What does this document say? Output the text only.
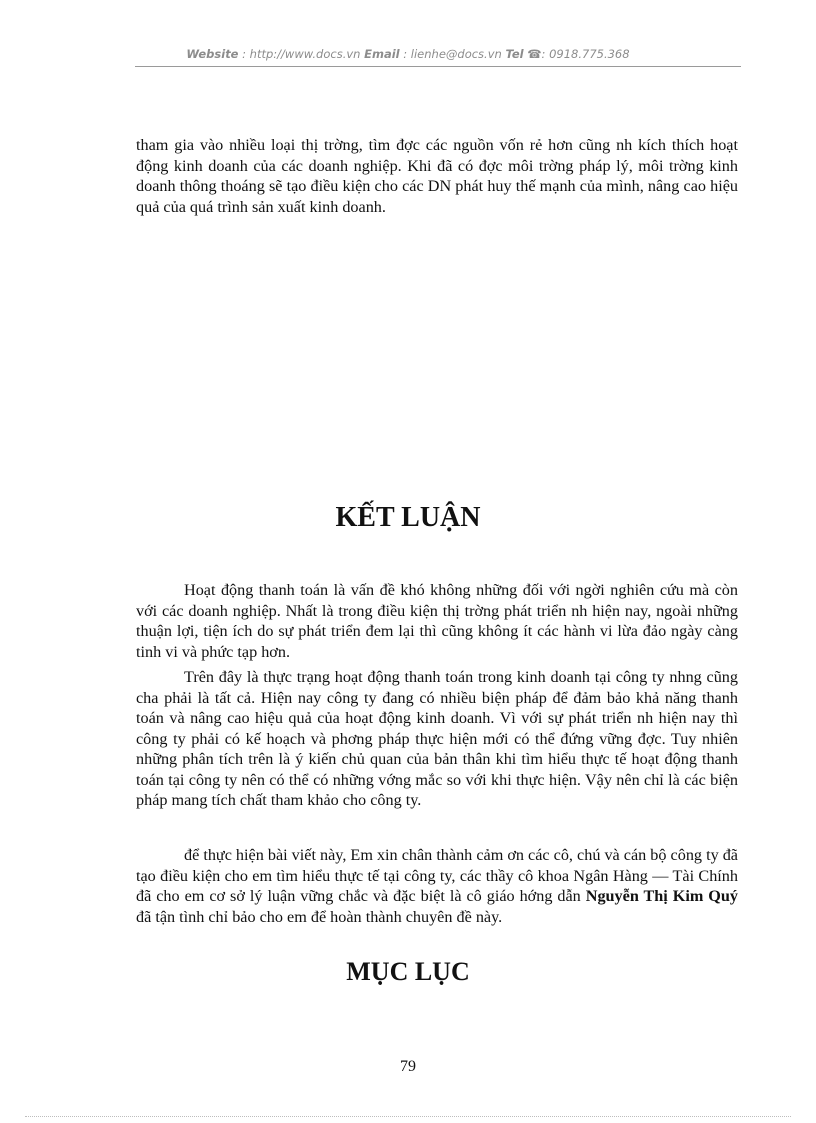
Website : http://www.docs.vn Email : lienhe@docs.vn Tel ☎: 0918.775.368

tham gia vào nhiều loại thị trờng, tìm đợc các nguồn vốn rẻ hơn cũng nh kích thích hoạt động kinh doanh của các doanh nghiệp. Khi đã có đợc môi trờng pháp lý, môi trờng kinh doanh thông thoáng sẽ tạo điều kiện cho các DN phát huy thế mạnh của mình, nâng cao hiệu quả của quá trình sản xuất kinh doanh.

KẾT LUẬN

Hoạt động thanh toán là vấn đề khó không những đối với ngời nghiên cứu mà còn với các doanh nghiệp. Nhất là trong điều kiện thị trờng phát triển nh hiện nay, ngoài những thuận lợi, tiện ích do sự phát triển đem lại thì cũng không ít các hành vi lừa đảo ngày càng tinh vi và phức tạp hơn.

Trên đây là thực trạng hoạt động thanh toán trong kinh doanh tại công ty nhng cũng cha phải là tất cả. Hiện nay công ty đang có nhiều biện pháp để đảm bảo khả năng thanh toán và nâng cao hiệu quả của hoạt động kinh doanh. Vì với sự phát triển nh hiện nay thì công ty phải có kế hoạch và phơng pháp thực hiện mới có thể đứng vững đợc. Tuy nhiên những phân tích trên là ý kiến chủ quan của bản thân khi tìm hiểu thực tế hoạt động thanh toán tại công ty nên có thể có những vớng mắc so với khi thực hiện. Vậy nên chỉ là các biện pháp mang tích chất tham khảo cho công ty.

để thực hiện bài viết này, Em xin chân thành cảm ơn các cô, chú và cán bộ công ty đã tạo điều kiện cho em tìm hiểu thực tế tại công ty, các thầy cô khoa Ngân Hàng — Tài Chính đã cho em cơ sở lý luận vững chắc và đặc biệt là cô giáo hớng dẫn Nguyễn Thị Kim Quý đã tận tình chỉ bảo cho em để hoàn thành chuyên đề này.

MỤC LỤC
79
